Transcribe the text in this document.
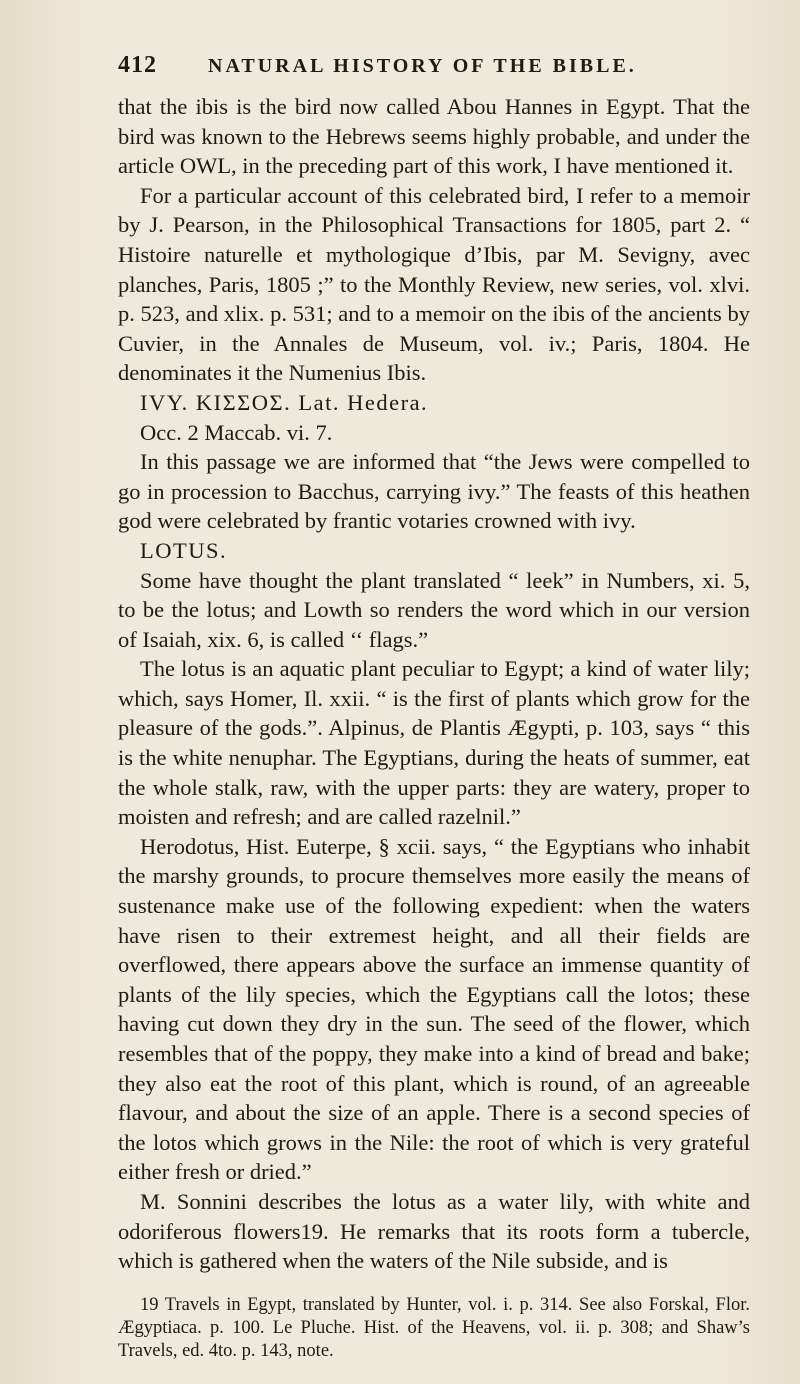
412	NATURAL HISTORY OF THE BIBLE.

that the ibis is the bird now called Abou Hannes in Egypt. That the bird was known to the Hebrews seems highly probable, and under the article OWL, in the preceding part of this work, I have mentioned it.

For a particular account of this celebrated bird, I refer to a memoir by J. Pearson, in the Philosophical Transactions for 1805, part 2. “ Histoire naturelle et mythologique d’Ibis, par M. Sevigny, avec planches, Paris, 1805 ;” to the Monthly Review, new series, vol. xlvi. p. 523, and xlix. p. 531; and to a memoir on the ibis of the ancients by Cuvier, in the Annales de Museum, vol. iv.; Paris, 1804. He denominates it the Numenius Ibis.

IVY. ΚΙΣΣΟΣ. Lat. Hedera.

Occ. 2 Maccab. vi. 7.

In this passage we are informed that “the Jews were compelled to go in procession to Bacchus, carrying ivy.” The feasts of this heathen god were celebrated by frantic votaries crowned with ivy.

LOTUS.

Some have thought the plant translated “ leek” in Numbers, xi. 5, to be the lotus; and Lowth so renders the word which in our version of Isaiah, xix. 6, is called ‘‘ flags.”

The lotus is an aquatic plant peculiar to Egypt; a kind of water lily; which, says Homer, Il. xxii. “ is the first of plants which grow for the pleasure of the gods.”. Alpinus, de Plantis Ægypti, p. 103, says “ this is the white nenuphar. The Egyptians, during the heats of summer, eat the whole stalk, raw, with the upper parts: they are watery, proper to moisten and refresh; and are called razelnil.”

Herodotus, Hist. Euterpe, § xcii. says, “ the Egyptians who inhabit the marshy grounds, to procure themselves more easily the means of sustenance make use of the following expedient: when the waters have risen to their extremest height, and all their fields are overflowed, there appears above the surface an immense quantity of plants of the lily species, which the Egyptians call the lotos; these having cut down they dry in the sun. The seed of the flower, which resembles that of the poppy, they make into a kind of bread and bake; they also eat the root of this plant, which is round, of an agreeable flavour, and about the size of an apple. There is a second species of the lotos which grows in the Nile: the root of which is very grateful either fresh or dried.”

M. Sonnini describes the lotus as a water lily, with white and odoriferous flowers19. He remarks that its roots form a tubercle, which is gathered when the waters of the Nile subside, and is

19 Travels in Egypt, translated by Hunter, vol. i. p. 314. See also Forskal, Flor. Ægyptiaca. p. 100. Le Pluche. Hist. of the Heavens, vol. ii. p. 308; and Shaw’s Travels, ed. 4to. p. 143, note.
